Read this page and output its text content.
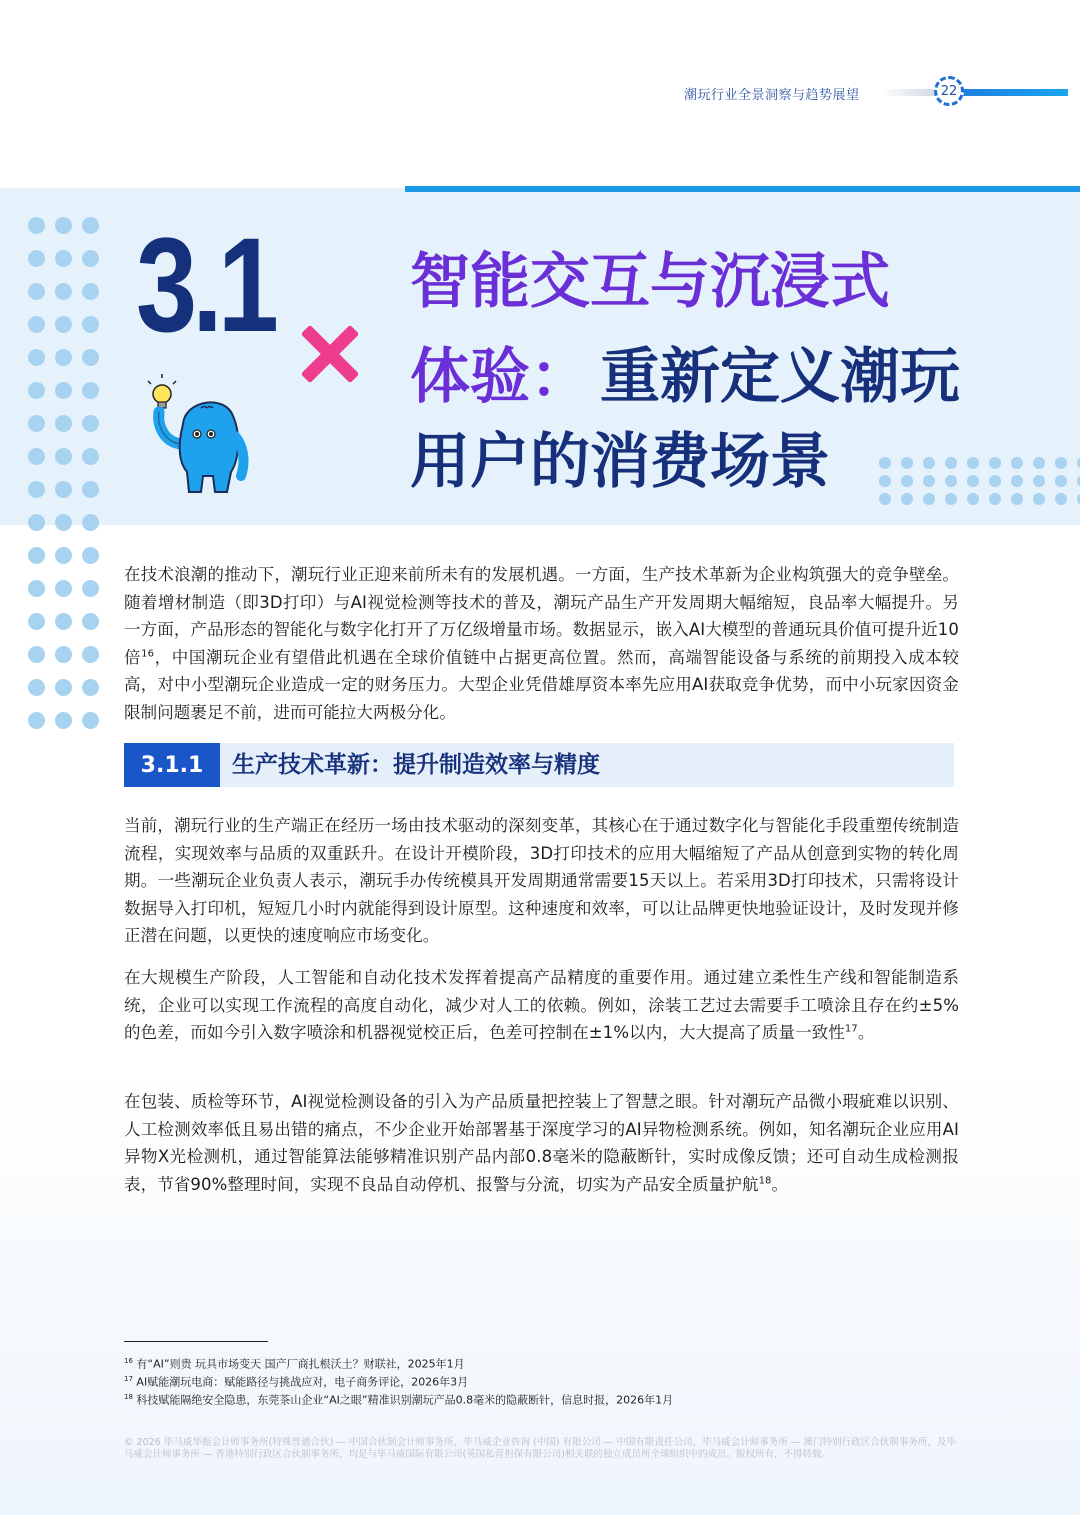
潮玩行业全景洞察与趋势展望	22
3.1 智能交互与沉浸式
体验： 重新定义潮玩
用户的消费场景
在技术浪潮的推动下，潮玩行业正迎来前所未有的发展机遇。一方面，生产技术革新为企业构筑强大的竞争壁垒。随着增材制造（即3D打印）与AI视觉检测等技术的普及，潮玩产品生产开发周期大幅缩短，良品率大幅提升。另一方面，产品形态的智能化与数字化打开了万亿级增量市场。数据显示，嵌入AI大模型的普通玩具价值可提升近10倍$^{16}$，中国潮玩企业有望借此机遇在全球价值链中占据更高位置。然而，高端智能设备与系统的前期投入成本较高，对中小型潮玩企业造成一定的财务压力。大型企业凭借雄厚资本率先应用AI获取竞争优势，而中小玩家因资金限制问题裹足不前，进而可能拉大两极分化。
3.1.1	生产技术革新：提升制造效率与精度
当前，潮玩行业的生产端正在经历一场由技术驱动的深刻变革，其核心在于通过数字化与智能化手段重塑传统制造流程，实现效率与品质的双重跃升。在设计开模阶段，3D打印技术的应用大幅缩短了产品从创意到实物的转化周期。一些潮玩企业负责人表示，潮玩手办传统模具开发周期通常需要15天以上。若采用3D打印技术，只需将设计数据导入打印机，短短几小时内就能得到设计原型。这种速度和效率，可以让品牌更快地验证设计，及时发现并修正潜在问题，以更快的速度响应市场变化。
在大规模生产阶段，人工智能和自动化技术发挥着提高产品精度的重要作用。通过建立柔性生产线和智能制造系统，企业可以实现工作流程的高度自动化，减少对人工的依赖。例如，涂装工艺过去需要手工喷涂且存在约±5%的色差，而如今引入数字喷涂和机器视觉校正后，色差可控制在±1%以内，大大提高了质量一致性$^{17}$。
在包装、质检等环节，AI视觉检测设备的引入为产品质量把控装上了智慧之眼。针对潮玩产品微小瑕疵难以识别、人工检测效率低且易出错的痛点，不少企业开始部署基于深度学习的AI异物检测系统。例如，知名潮玩企业应用AI异物X光检测机，通过智能算法能够精准识别产品内部0.8毫米的隐蔽断针，实时成像反馈；还可自动生成检测报表，节省90%整理时间，实现不良品自动停机、报警与分流，切实为产品安全质量护航$^{18}$。
$^{16}$ 有“AI”则贵 玩具市场变天 国产厂商扎根沃土？财联社，2025年1月
$^{17}$ AI赋能潮玩电商：赋能路径与挑战应对，电子商务评论，2026年3月
$^{18}$ 科技赋能隔绝安全隐患，东莞茶山企业“AI之眼”精准识别潮玩产品0.8毫米的隐蔽断针，信息时报，2026年1月
© 2026 毕马威华振会计师事务所(特殊普通合伙) — 中国合伙制会计师事务所，毕马威企业咨询 (中国) 有限公司 — 中国有限责任公司，毕马威会计师事务所 — 澳门特别行政区合伙制事务所，及毕马威会计师事务所 — 香港特别行政区合伙制事务所，均是与毕马威国际有限公司(英国私营担保有限公司)相关联的独立成员所全球组织中的成员。版权所有，不得转载。
